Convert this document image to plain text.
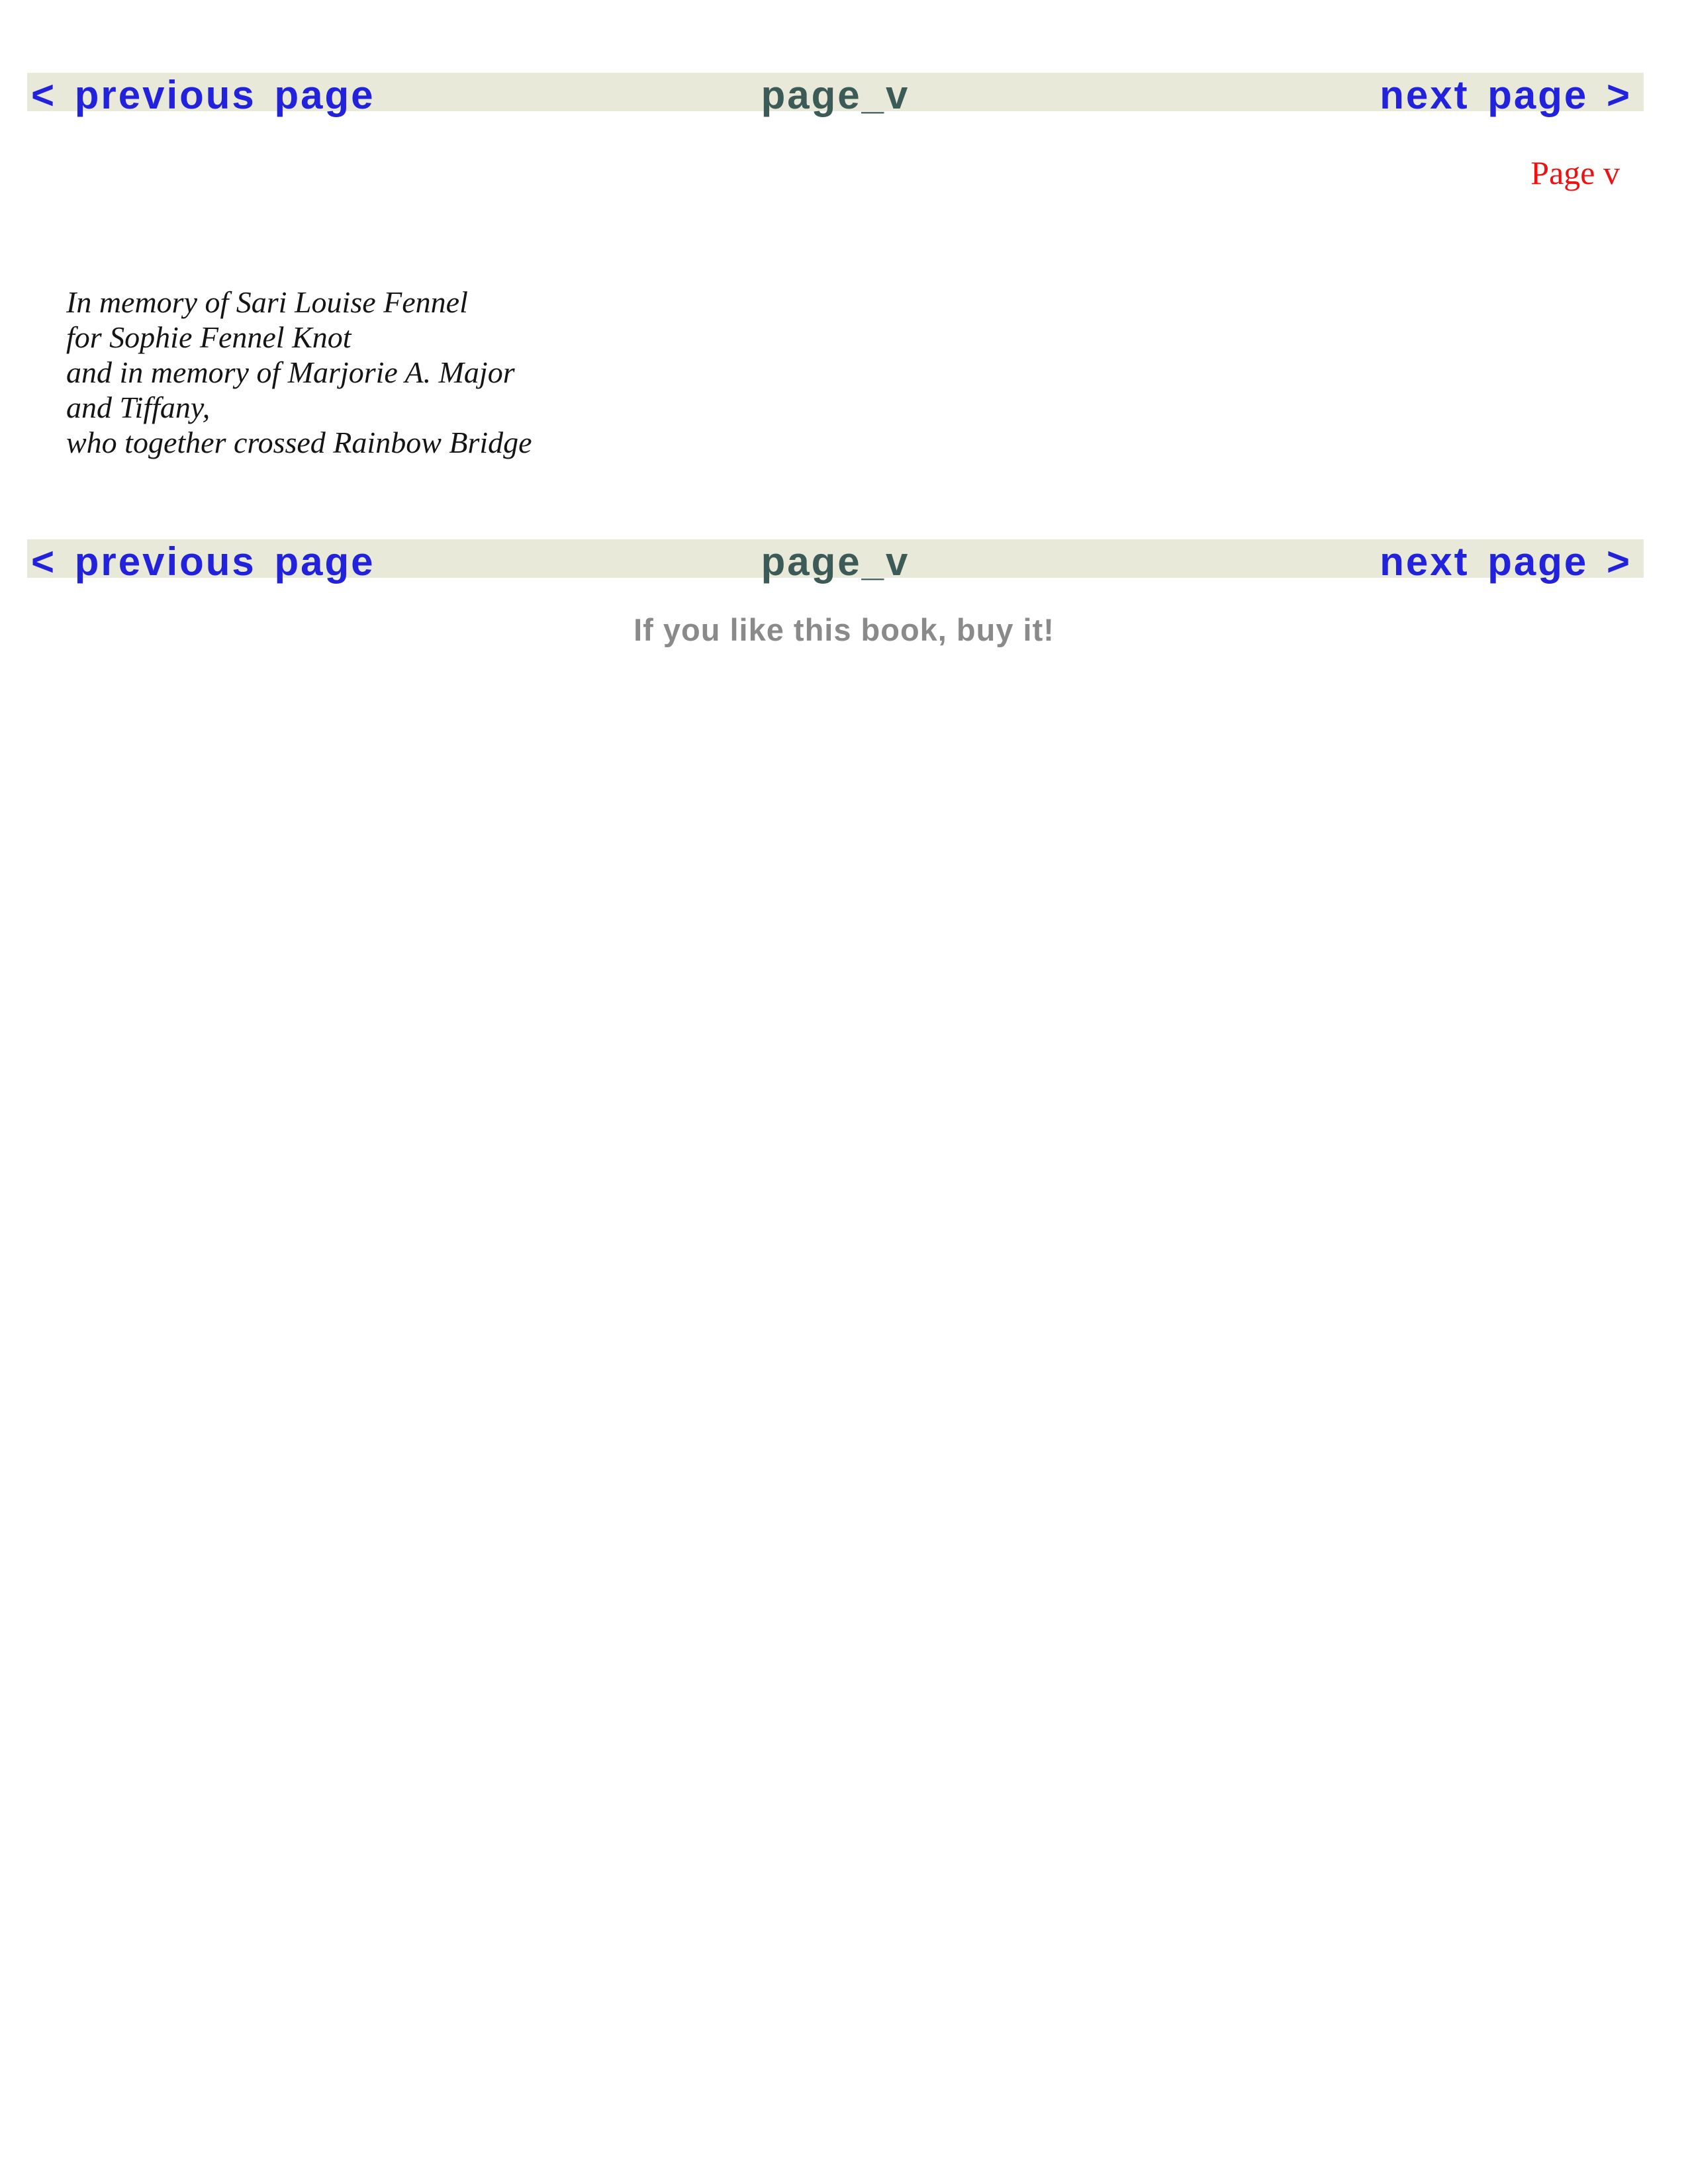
< previous page	page_v	next page >
Page v
In memory of Sari Louise Fennel
for Sophie Fennel Knot
and in memory of Marjorie A. Major
and Tiffany,
who together crossed Rainbow Bridge
< previous page	page_v	next page >
If you like this book, buy it!
